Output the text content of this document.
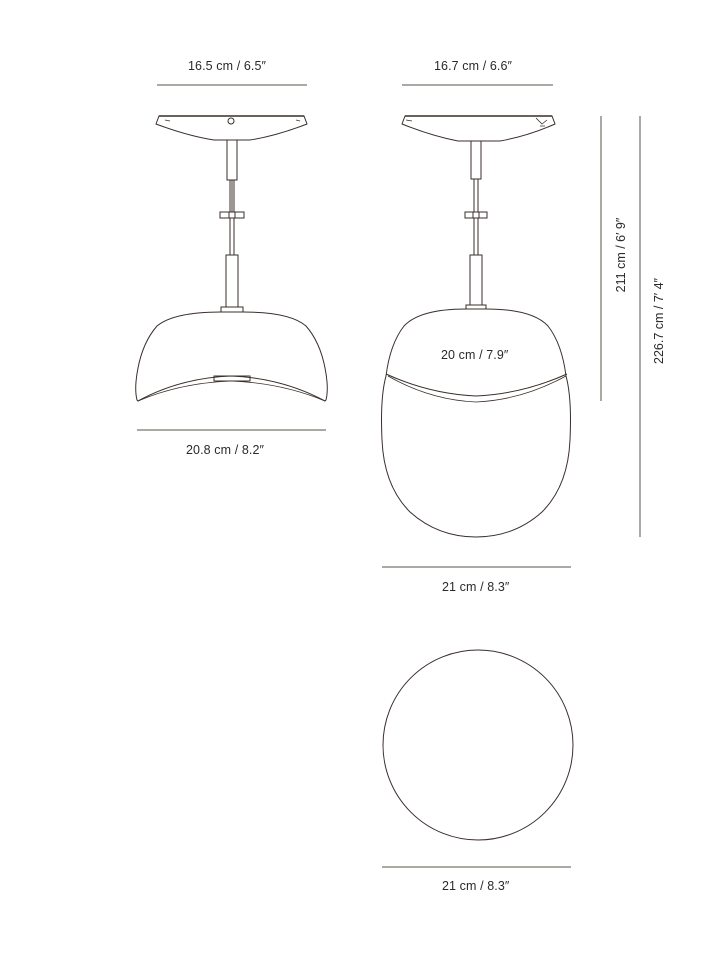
16.5 cm / 6.5″	16.7 cm / 6.6″
20.8 cm / 8.2″
20 cm / 7.9″
21 cm / 8.3″
21 cm / 8.3″
211 cm / 6′ 9″
226.7 cm / 7′ 4″
